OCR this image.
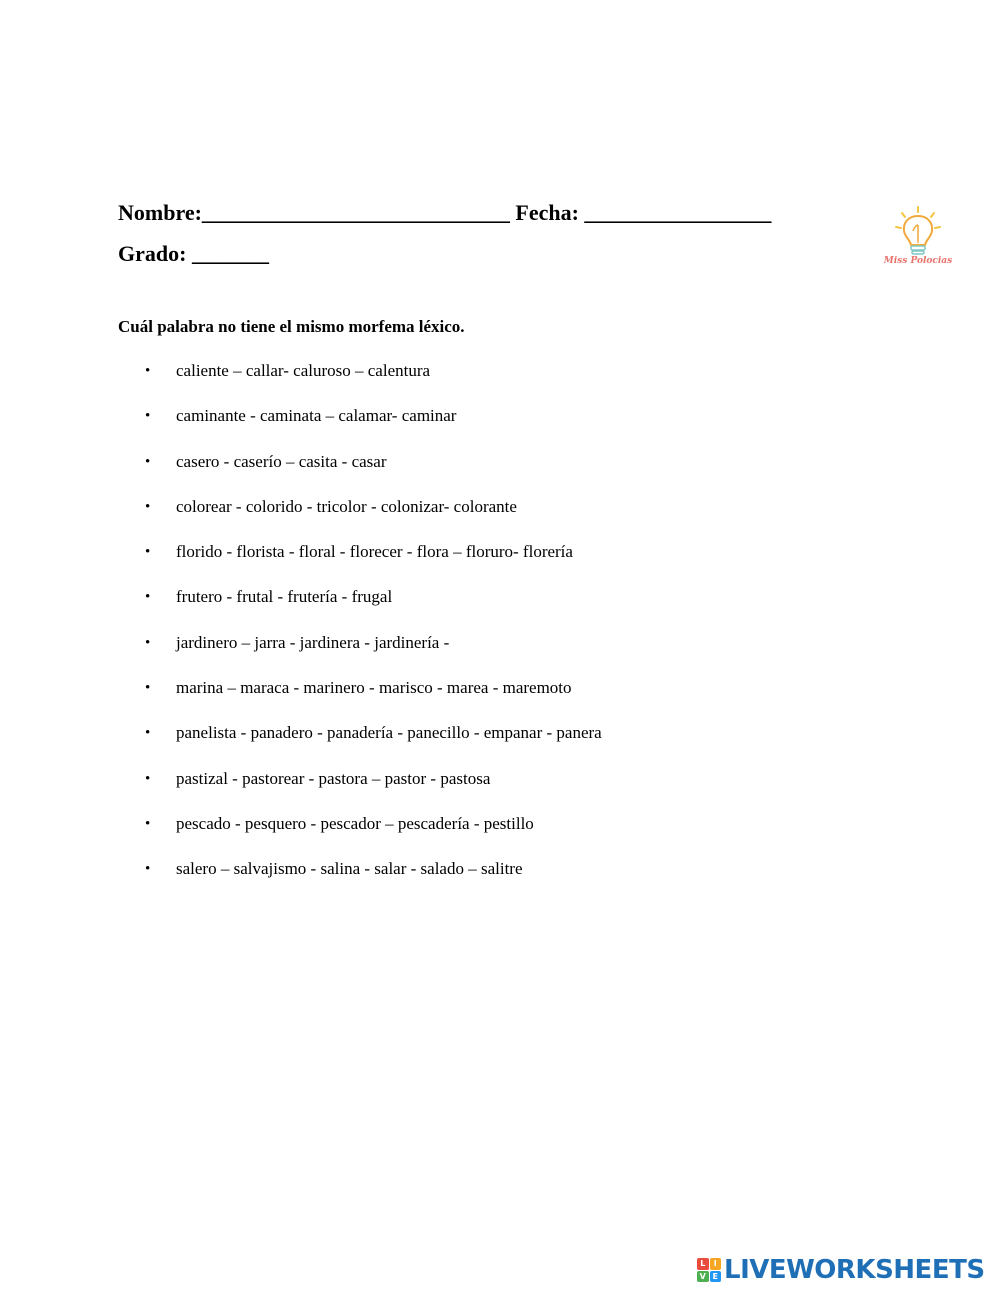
Nombre:____________________________ Fecha: _________________
Grado: _______	Miss Polocias
Cuál palabra no tiene el mismo morfema léxico.
• caliente – callar- caluroso – calentura
• caminante - caminata – calamar- caminar
• casero - caserío – casita - casar
• colorear - colorido - tricolor - colonizar- colorante
• florido - florista - floral - florecer - flora – floruro- florería
• frutero - frutal - frutería - frugal
• jardinero – jarra - jardinera - jardinería -
• marina – maraca - marinero - marisco - marea - maremoto
• panelista - panadero - panadería - panecillo - empanar - panera
• pastizal - pastorear - pastora – pastor - pastosa
• pescado - pesquero - pescador – pescadería - pestillo
• salero – salvajismo - salina - salar - salado – salitre
L	I
V E LIVEWORKSHEETS
